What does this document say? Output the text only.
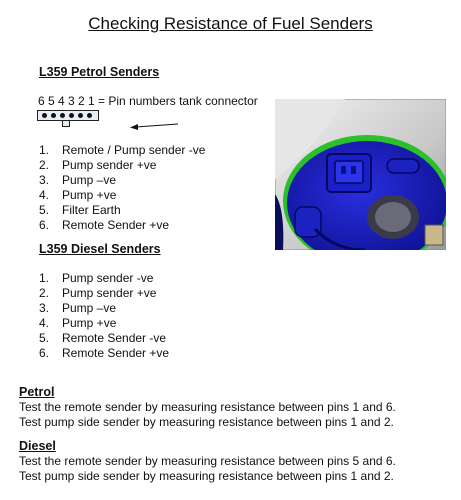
Checking Resistance of Fuel Senders
L359 Petrol Senders
6 5 4 3 2 1 = Pin numbers tank connector
1. Remote / Pump sender -ve
2. Pump sender +ve
3. Pump –ve
4. Pump +ve
5. Filter Earth
6. Remote Sender +ve
L359 Diesel Senders
1. Pump sender -ve
2. Pump sender +ve
3. Pump –ve
4. Pump +ve
5. Remote Sender -ve
6. Remote Sender +ve
Petrol
Test the remote sender by measuring resistance between pins 1 and 6.
Test pump side sender by measuring resistance between pins 1 and 2.
Diesel
Test the remote sender by measuring resistance between pins 5 and 6.
Test pump side sender by measuring resistance between pins 1 and 2.
